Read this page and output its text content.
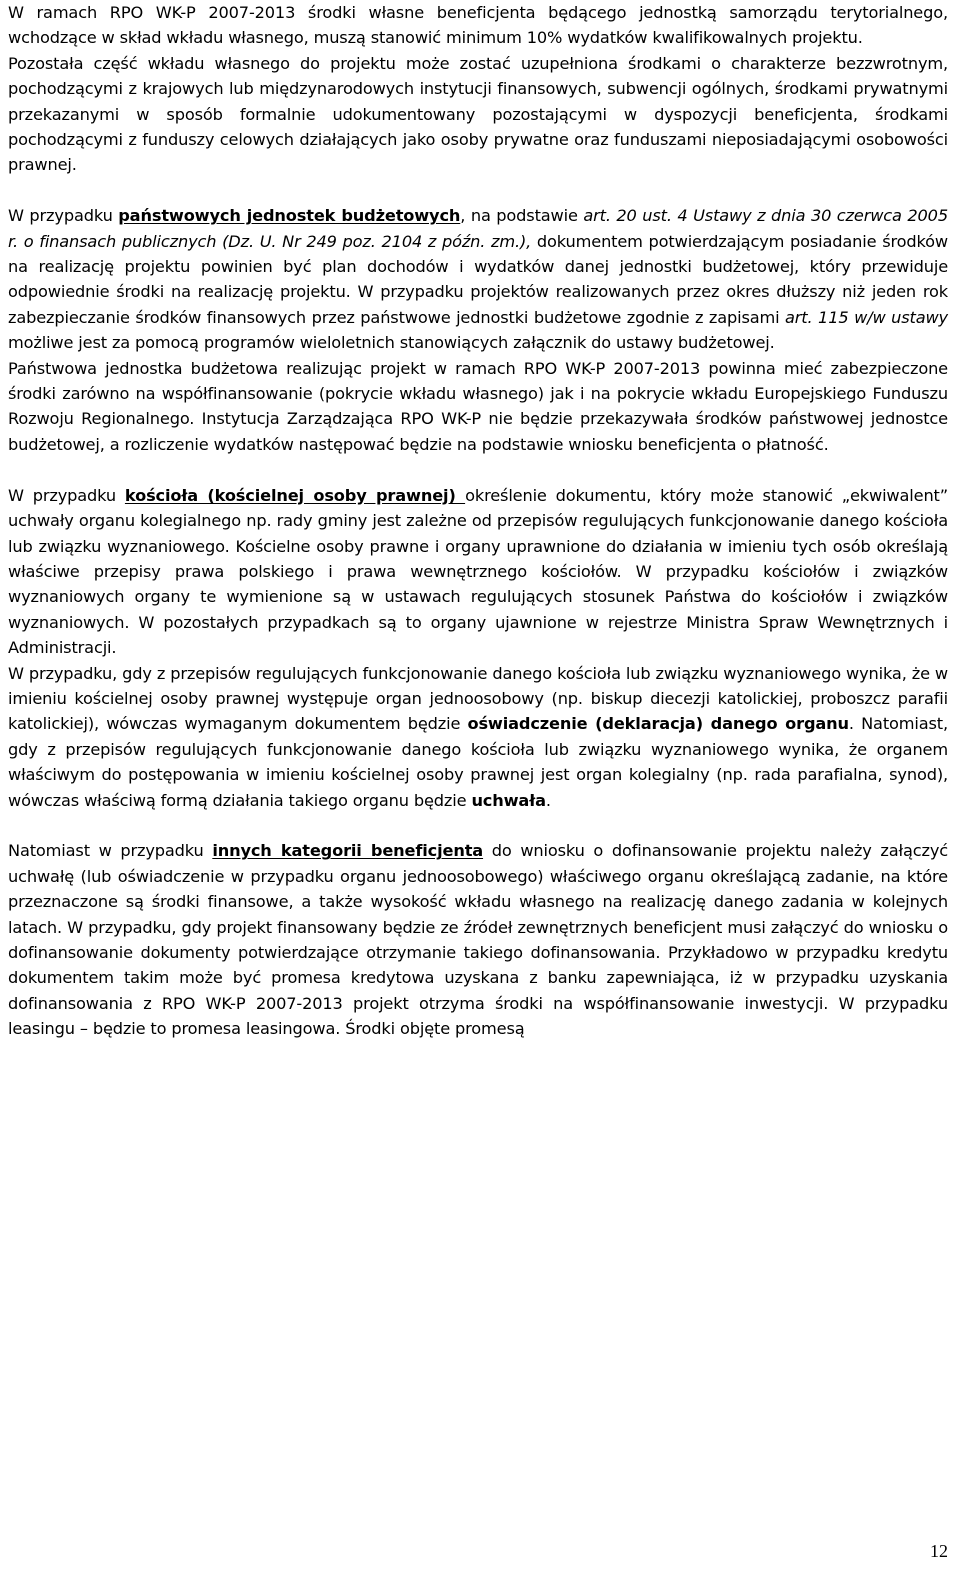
W ramach RPO WK-P 2007-2013 środki własne beneficjenta będącego jednostką samorządu terytorialnego, wchodzące w skład wkładu własnego, muszą stanowić minimum 10% wydatków kwalifikowalnych projektu.

Pozostała część wkładu własnego do projektu może zostać uzupełniona środkami o charakterze bezzwrotnym, pochodzącymi z krajowych lub międzynarodowych instytucji finansowych, subwencji ogólnych, środkami prywatnymi przekazanymi w sposób formalnie udokumentowany pozostającymi w dyspozycji beneficjenta, środkami pochodzącymi z funduszy celowych działających jako osoby prywatne oraz funduszami nieposiadającymi osobowości prawnej.

W przypadku państwowych jednostek budżetowych, na podstawie art. 20 ust. 4 Ustawy z dnia 30 czerwca 2005 r. o finansach publicznych (Dz. U. Nr 249 poz. 2104 z późn. zm.), dokumentem potwierdzającym posiadanie środków na realizację projektu powinien być plan dochodów i wydatków danej jednostki budżetowej, który przewiduje odpowiednie środki na realizację projektu. W przypadku projektów realizowanych przez okres dłuższy niż jeden rok zabezpieczanie środków finansowych przez państwowe jednostki budżetowe zgodnie z zapisami art. 115 w/w ustawy możliwe jest za pomocą programów wieloletnich stanowiących załącznik do ustawy budżetowej.

Państwowa jednostka budżetowa realizując projekt w ramach RPO WK-P 2007-2013 powinna mieć zabezpieczone środki zarówno na współfinansowanie (pokrycie wkładu własnego) jak i na pokrycie wkładu Europejskiego Funduszu Rozwoju Regionalnego. Instytucja Zarządzająca RPO WK-P nie będzie przekazywała środków państwowej jednostce budżetowej, a rozliczenie wydatków następować będzie na podstawie wniosku beneficjenta o płatność.

W przypadku kościoła (kościelnej osoby prawnej) określenie dokumentu, który może stanowić „ekwiwalent” uchwały organu kolegialnego np. rady gminy jest zależne od przepisów regulujących funkcjonowanie danego kościoła lub związku wyznaniowego. Kościelne osoby prawne i organy uprawnione do działania w imieniu tych osób określają właściwe przepisy prawa polskiego i prawa wewnętrznego kościołów. W przypadku kościołów i związków wyznaniowych organy te wymienione są w ustawach regulujących stosunek Państwa do kościołów i związków wyznaniowych. W pozostałych przypadkach są to organy ujawnione w rejestrze Ministra Spraw Wewnętrznych i Administracji.

W przypadku, gdy z przepisów regulujących funkcjonowanie danego kościoła lub związku wyznaniowego wynika, że w imieniu kościelnej osoby prawnej występuje organ jednoosobowy (np. biskup diecezji katolickiej, proboszcz parafii katolickiej), wówczas wymaganym dokumentem będzie oświadczenie (deklaracja) danego organu. Natomiast, gdy z przepisów regulujących funkcjonowanie danego kościoła lub związku wyznaniowego wynika, że organem właściwym do postępowania w imieniu kościelnej osoby prawnej jest organ kolegialny (np. rada parafialna, synod), wówczas właściwą formą działania takiego organu będzie uchwała.

Natomiast w przypadku innych kategorii beneficjenta do wniosku o dofinansowanie projektu należy załączyć uchwałę (lub oświadczenie w przypadku organu jednoosobowego) właściwego organu określającą zadanie, na które przeznaczone są środki finansowe, a także wysokość wkładu własnego na realizację danego zadania w kolejnych latach. W przypadku, gdy projekt finansowany będzie ze źródeł zewnętrznych beneficjent musi załączyć do wniosku o dofinansowanie dokumenty potwierdzające otrzymanie takiego dofinansowania. Przykładowo w przypadku kredytu dokumentem takim może być promesa kredytowa uzyskana z banku zapewniająca, iż w przypadku uzyskania dofinansowania z RPO WK-P 2007-2013 projekt otrzyma środki na współfinansowanie inwestycji. W przypadku leasingu – będzie to promesa leasingowa. Środki objęte promesą

12
